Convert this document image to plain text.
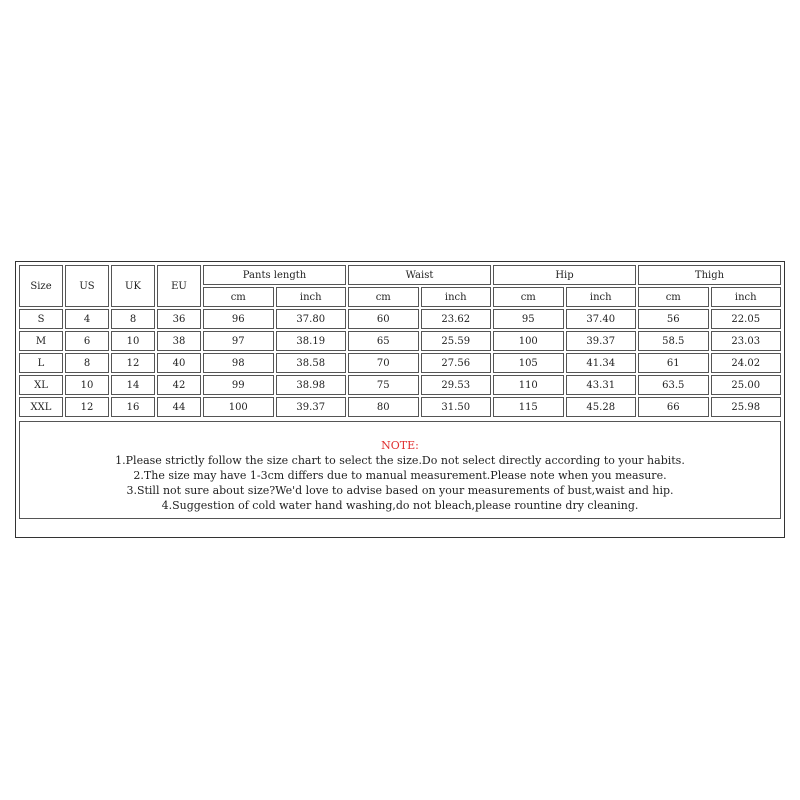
Size	US	UK	EU	Pants length		Waist		Hip		Thigh	
				cm	inch	cm	inch	cm	inch	cm	inch
S	4	8	36	96	37.80	60	23.62	95	37.40	56	22.05
M	6	10	38	97	38.19	65	25.59	100	39.37	58.5	23.03
L	8	12	40	98	38.58	70	27.56	105	41.34	61	24.02
XL	10	14	42	99	38.98	75	29.53	110	43.31	63.5	25.00
XXL	12	16	44	100	39.37	80	31.50	115	45.28	66	25.98
NOTE:
1.Please strictly follow the size chart to select the size.Do not select directly according to your habits.
2.The size may have 1-3cm differs due to manual measurement.Please note when you measure.
3.Still not sure about size?We'd love to advise based on your measurements of bust,waist and hip.
4.Suggestion of cold water hand washing,do not bleach,please rountine dry cleaning.
